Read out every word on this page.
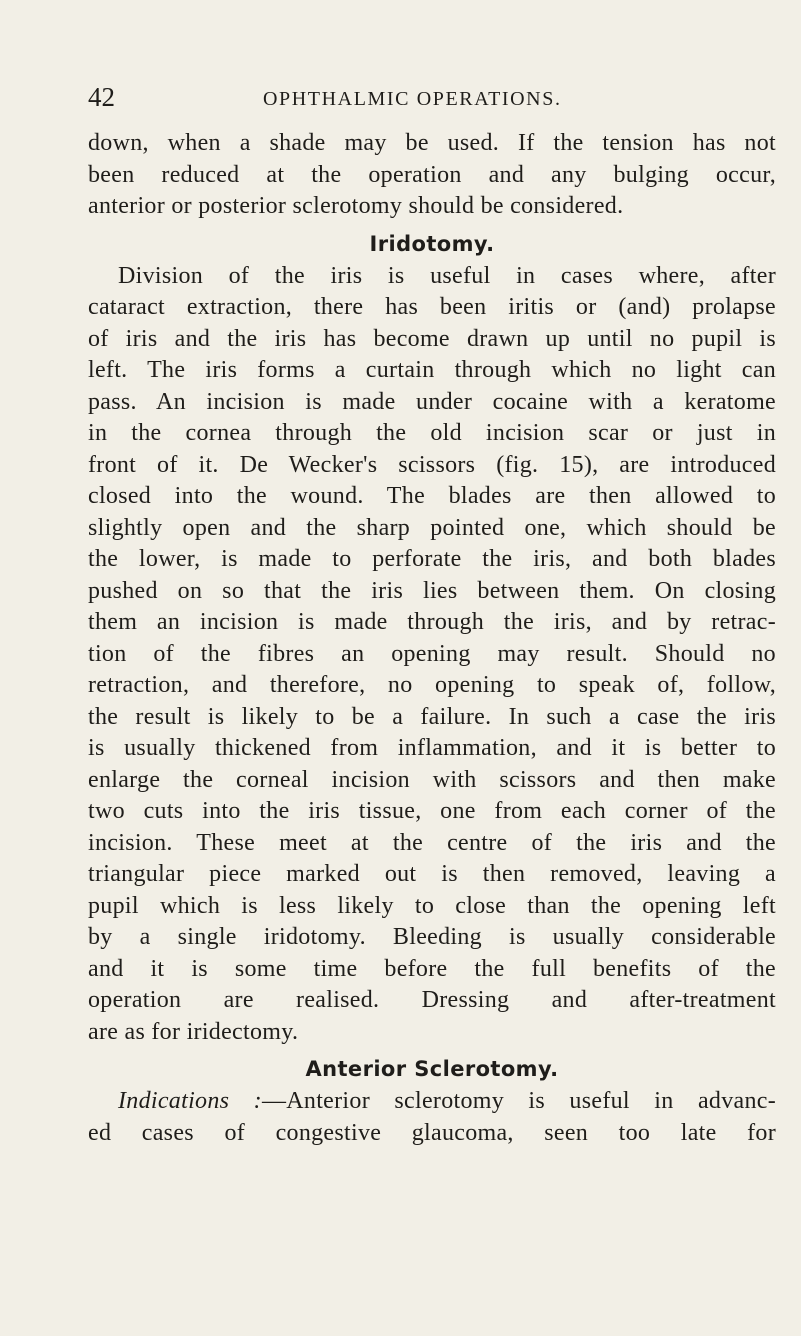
42	OPHTHALMIC OPERATIONS.
down, when a shade may be used. If the tension has not
been reduced at the operation and any bulging occur,
anterior or posterior sclerotomy should be considered.
Iridotomy.
Division of the iris is useful in cases where, after
cataract extraction, there has been iritis or (and) prolapse
of iris and the iris has become drawn up until no pupil is
left. The iris forms a curtain through which no light can
pass. An incision is made under cocaine with a keratome
in the cornea through the old incision scar or just in
front of it. De Wecker's scissors (fig. 15), are introduced
closed into the wound. The blades are then allowed to
slightly open and the sharp pointed one, which should be
the lower, is made to perforate the iris, and both blades
pushed on so that the iris lies between them. On closing
them an incision is made through the iris, and by retrac-
tion of the fibres an opening may result. Should no
retraction, and therefore, no opening to speak of, follow,
the result is likely to be a failure. In such a case the iris
is usually thickened from inflammation, and it is better to
enlarge the corneal incision with scissors and then make
two cuts into the iris tissue, one from each corner of the
incision. These meet at the centre of the iris and the
triangular piece marked out is then removed, leaving a
pupil which is less likely to close than the opening left
by a single iridotomy. Bleeding is usually considerable
and it is some time before the full benefits of the
operation are realised. Dressing and after-treatment
are as for iridectomy.
Anterior Sclerotomy.
Indications :—Anterior sclerotomy is useful in advanc-
ed cases of congestive glaucoma, seen too late for
